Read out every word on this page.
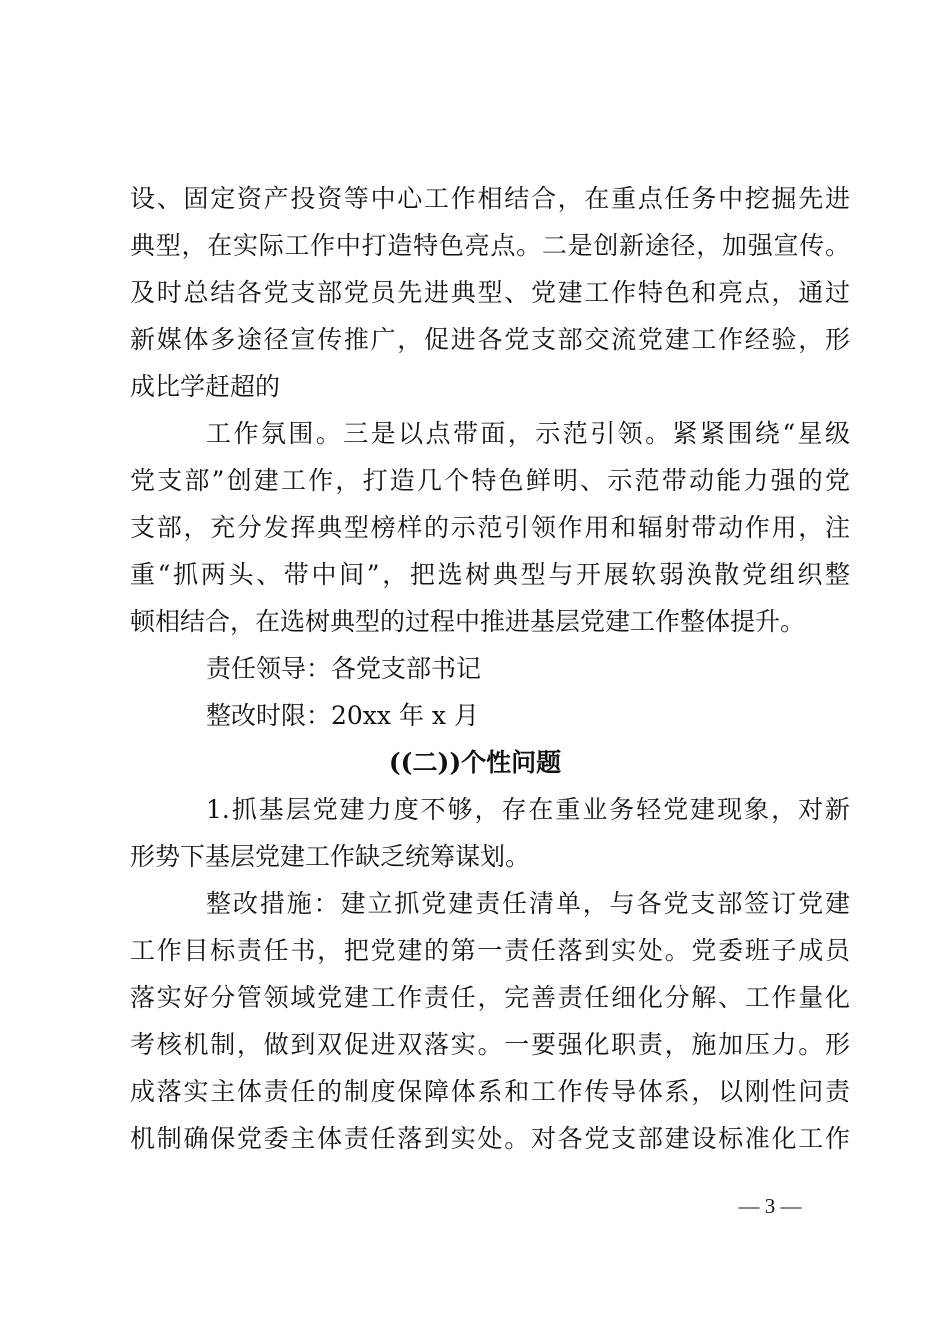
设、固定资产投资等中心工作相结合，在重点任务中挖掘先进
典型，在实际工作中打造特色亮点。二是创新途径，加强宣传。
及时总结各党支部党员先进典型、党建工作特色和亮点，通过
新媒体多途径宣传推广，促进各党支部交流党建工作经验，形
成比学赶超的
工作氛围。三是以点带面，示范引领。紧紧围绕“星级
党支部”创建工作，打造几个特色鲜明、示范带动能力强的党
支部，充分发挥典型榜样的示范引领作用和辐射带动作用，注
重“抓两头、带中间”，把选树典型与开展软弱涣散党组织整
顿相结合，在选树典型的过程中推进基层党建工作整体提升。
责任领导：各党支部书记
整改时限：20xx 年 x 月
((二))个性问题
1.抓基层党建力度不够，存在重业务轻党建现象，对新
形势下基层党建工作缺乏统筹谋划。
整改措施：建立抓党建责任清单，与各党支部签订党建
工作目标责任书，把党建的第一责任落到实处。党委班子成员
落实好分管领域党建工作责任，完善责任细化分解、工作量化
考核机制，做到双促进双落实。一要强化职责，施加压力。形
成落实主体责任的制度保障体系和工作传导体系，以刚性问责
机制确保党委主体责任落到实处。对各党支部建设标准化工作
— 3 —
